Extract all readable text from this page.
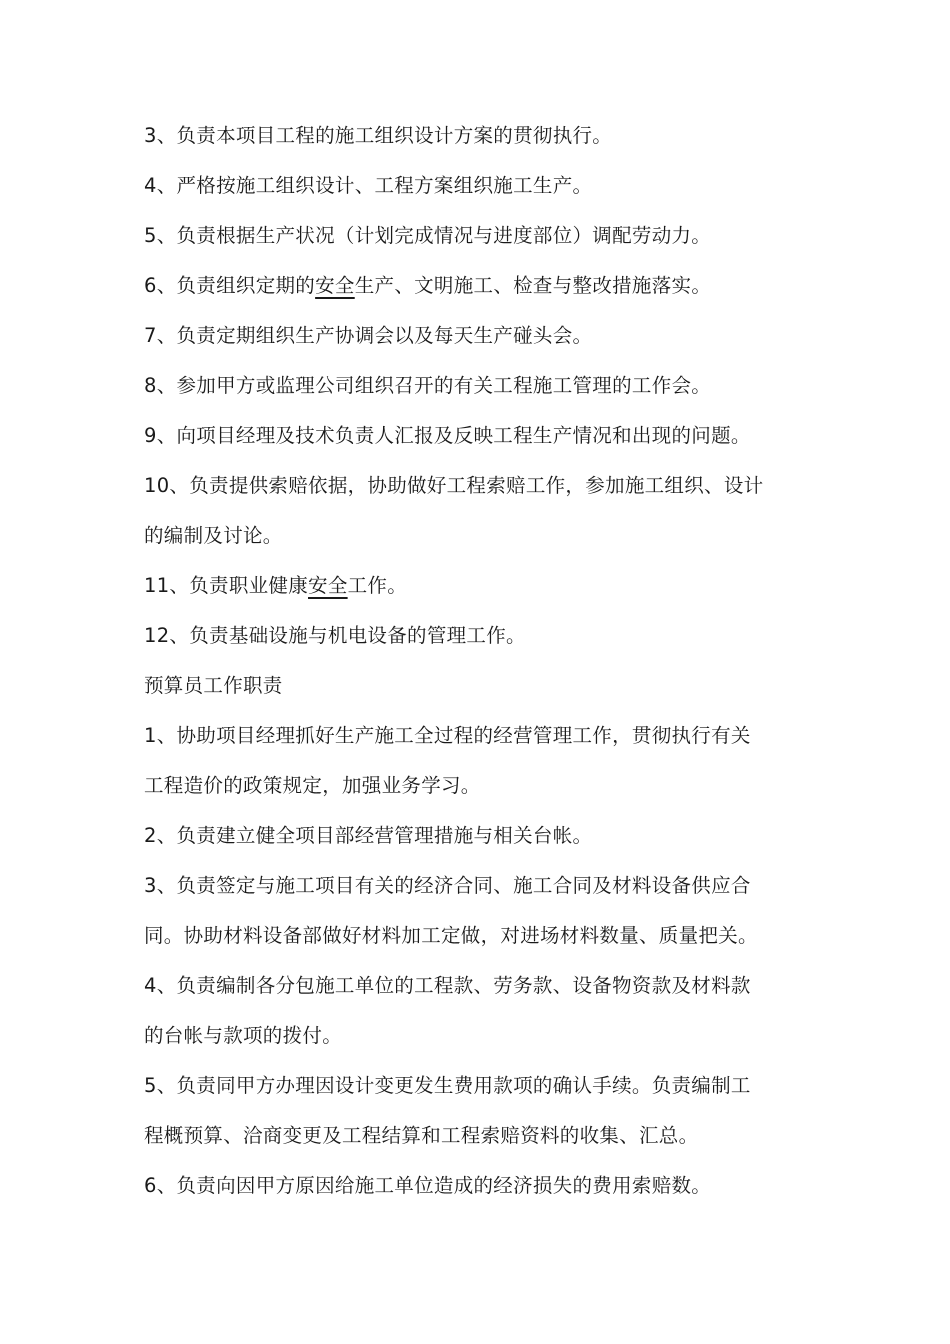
3、负责本项目工程的施工组织设计方案的贯彻执行。
4、严格按施工组织设计、工程方案组织施工生产。
5、负责根据生产状况（计划完成情况与进度部位）调配劳动力。
6、负责组织定期的安全生产、文明施工、检查与整改措施落实。
7、负责定期组织生产协调会以及每天生产碰头会。
8、参加甲方或监理公司组织召开的有关工程施工管理的工作会。
9、向项目经理及技术负责人汇报及反映工程生产情况和出现的问题。
10、负责提供索赔依据，协助做好工程索赔工作，参加施工组织、设计
的编制及讨论。
11、负责职业健康安全工作。
12、负责基础设施与机电设备的管理工作。
预算员工作职责
1、协助项目经理抓好生产施工全过程的经营管理工作，贯彻执行有关
工程造价的政策规定，加强业务学习。
2、负责建立健全项目部经营管理措施与相关台帐。
3、负责签定与施工项目有关的经济合同、施工合同及材料设备供应合
同。协助材料设备部做好材料加工定做，对进场材料数量、质量把关。
4、负责编制各分包施工单位的工程款、劳务款、设备物资款及材料款
的台帐与款项的拨付。
5、负责同甲方办理因设计变更发生费用款项的确认手续。负责编制工
程概预算、洽商变更及工程结算和工程索赔资料的收集、汇总。
6、负责向因甲方原因给施工单位造成的经济损失的费用索赔数。
